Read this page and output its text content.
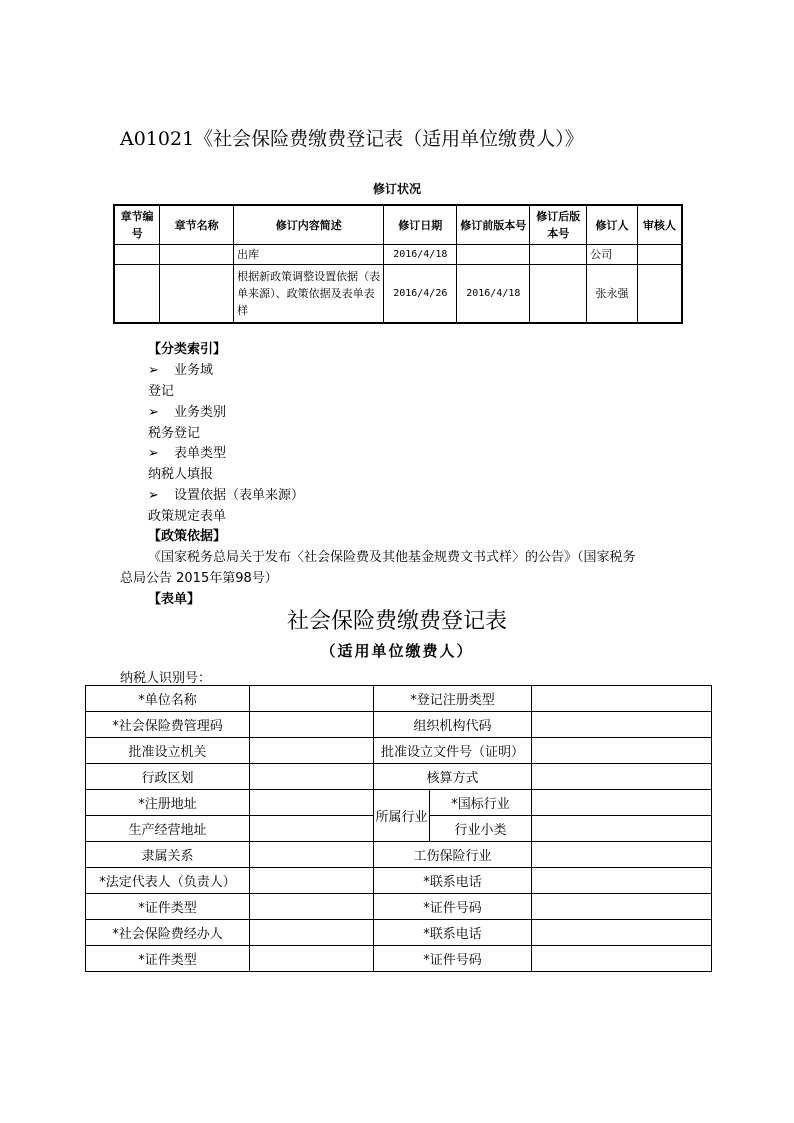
A01021《社会保险费缴费登记表（适用单位缴费人）》
修订状况
章节编号	章节名称	修订内容简述	修订日期	修订前版本号	修订后版本号	修订人	审核人
		出库	2016/4/18			公司	
		根据新政策调整设置依据（表单来源）、政策依据及表单表样	2016/4/26	2016/4/18		张永强	
【分类索引】
➢ 业务域
登记
➢ 业务类别
税务登记
➢ 表单类型
纳税人填报
➢ 设置依据（表单来源）
政策规定表单
【政策依据】
《国家税务总局关于发布〈社会保险费及其他基金规费文书式样〉的公告》（国家税务
总局公告 2015年第98号）
【表单】
社会保险费缴费登记表
（适用单位缴费人）
纳税人识别号：
*单位名称		*登记注册类型		
*社会保险费管理码		组织机构代码		
批准设立机关		批准设立文件号（证明）		
行政区划		核算方式		
*注册地址		所属行业	*国标行业	
生产经营地址			行业小类	
隶属关系		工伤保险行业		
*法定代表人（负责人）		*联系电话		
*证件类型		*证件号码		
*社会保险费经办人		*联系电话		
*证件类型		*证件号码		
